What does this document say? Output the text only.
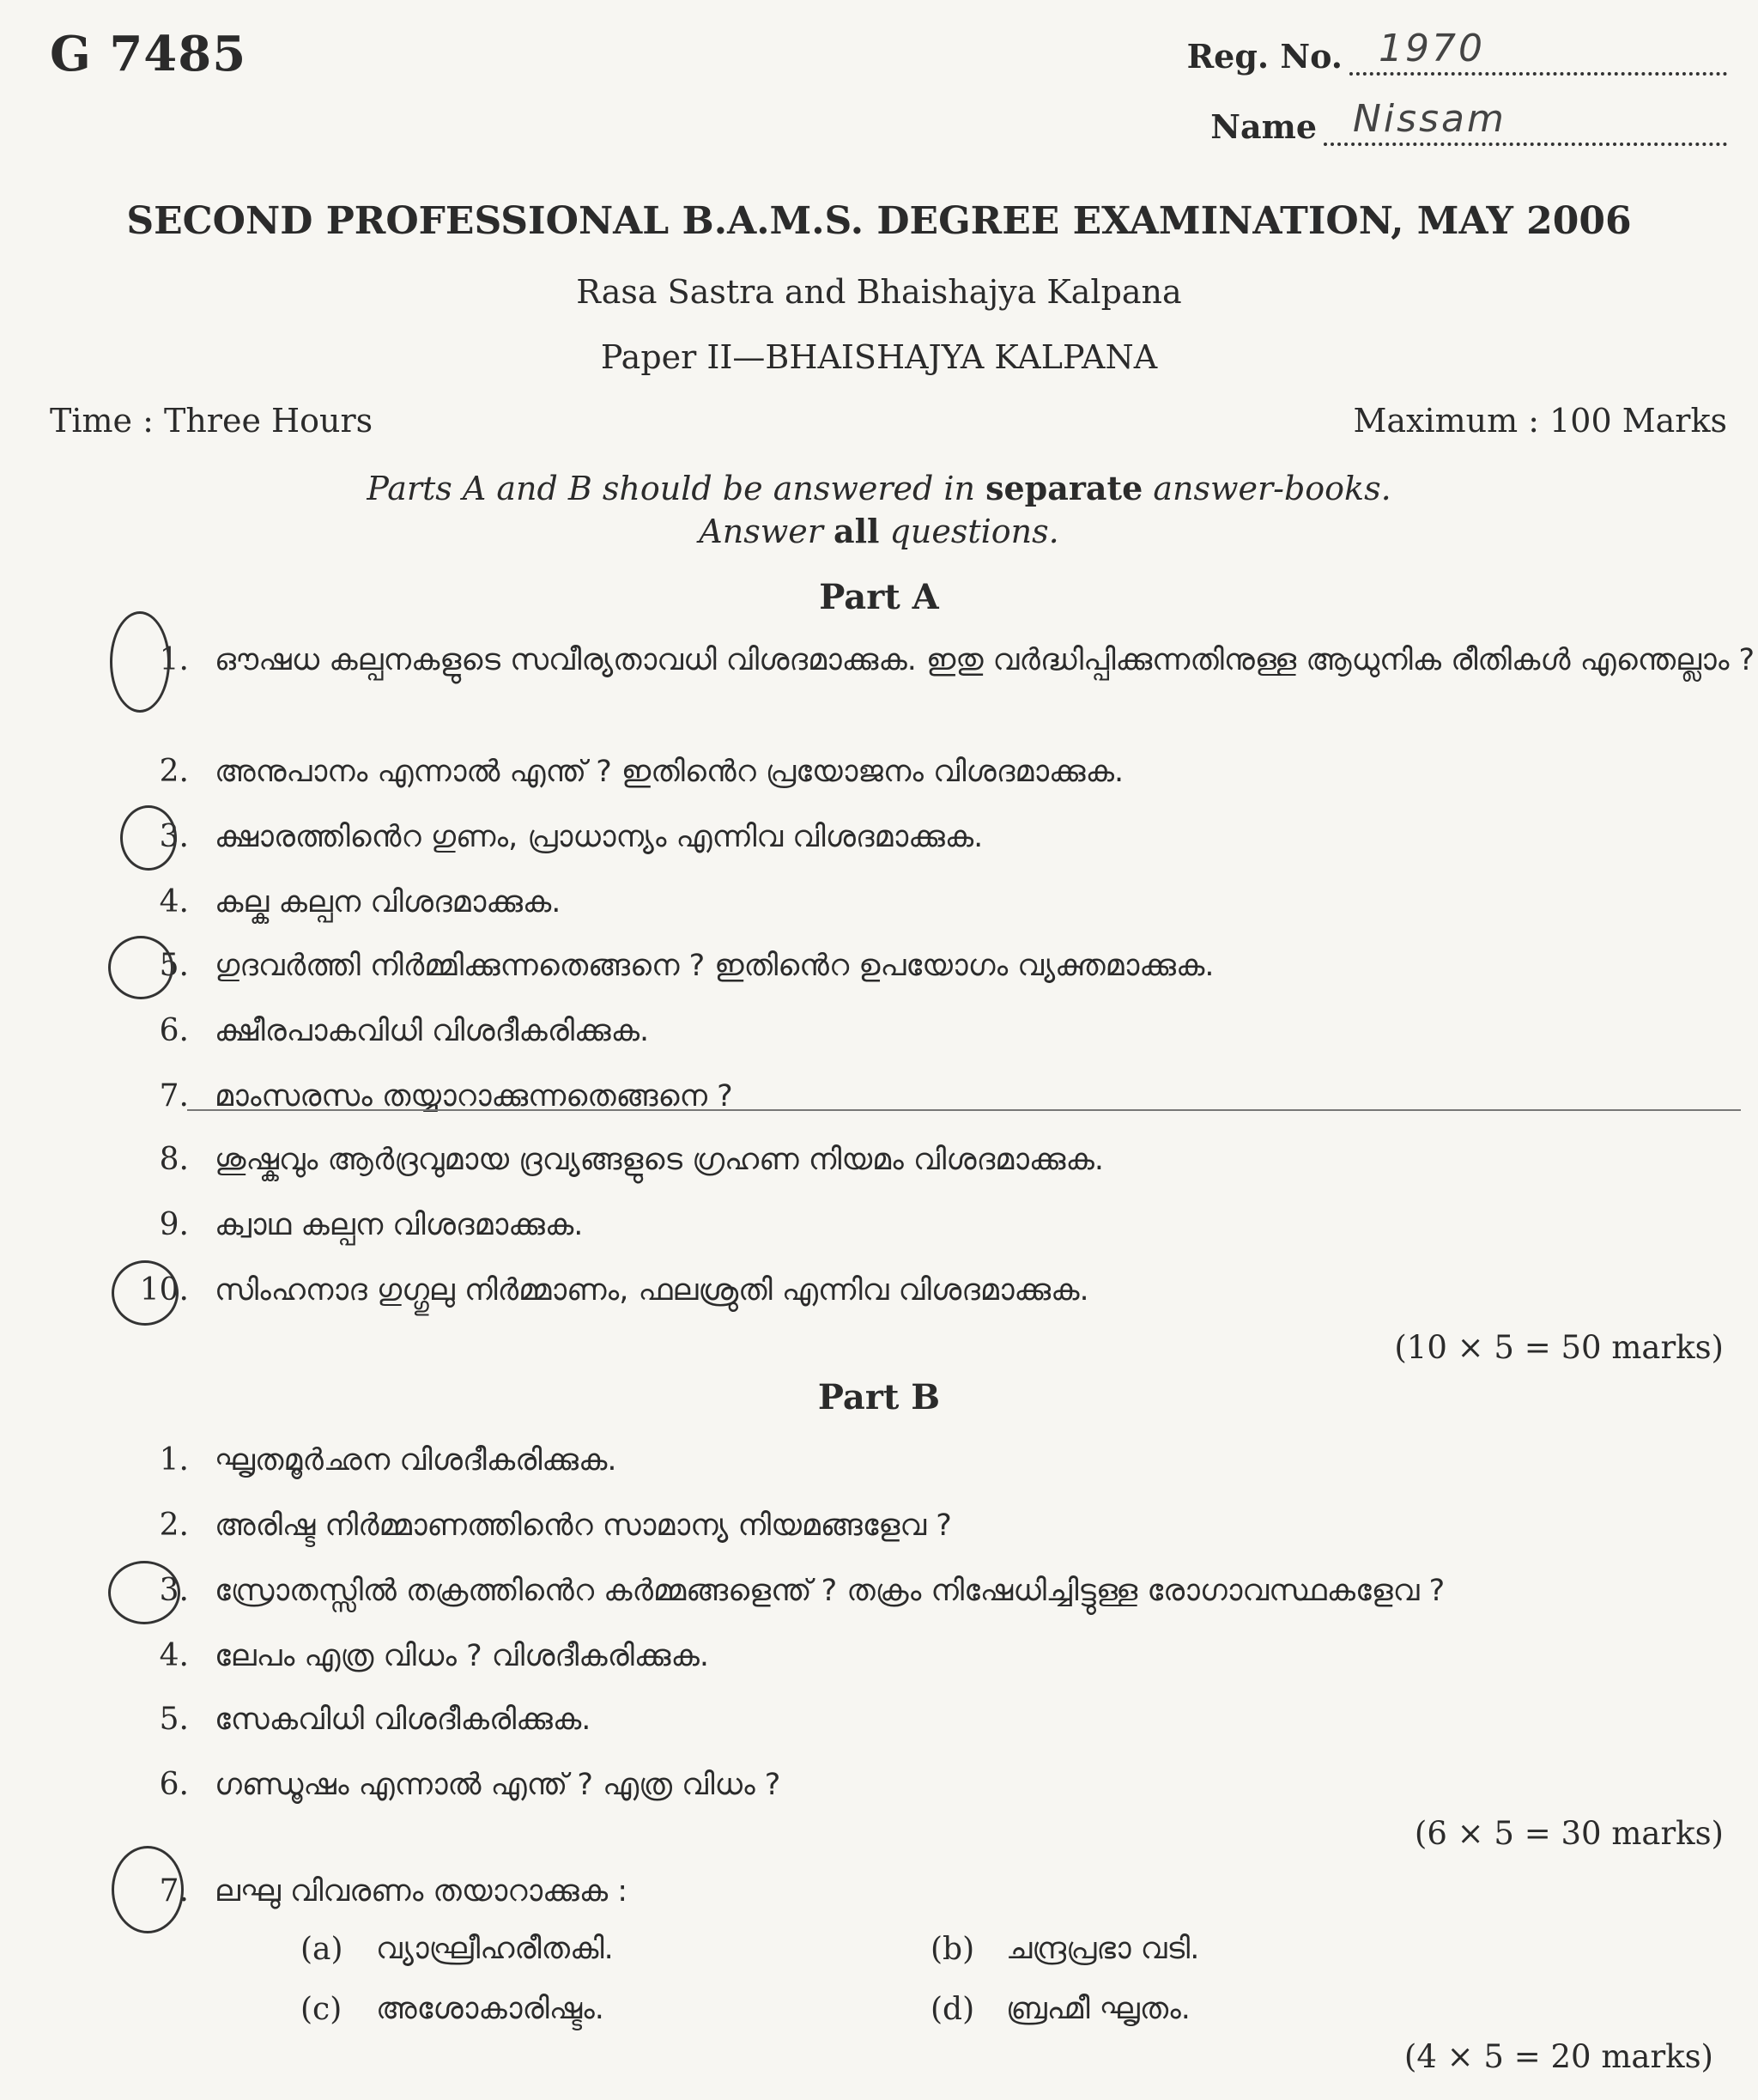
G 7485	Reg. No. 1970
Name Nissam
SECOND PROFESSIONAL B.A.M.S. DEGREE EXAMINATION, MAY 2006
Rasa Sastra and Bhaishajya Kalpana
Paper II—BHAISHAJYA KALPANA
Time : Three Hours	Maximum : 100 Marks
Parts A and B should be answered in separate answer-books.
Answer all questions.
Part A
1. ഔഷധ കല്പനകളുടെ സവീര്യതാവധി വിശദമാക്കുക. ഇതു വർദ്ധിപ്പിക്കുന്നതിനുള്ള ആധുനിക രീതികൾ എന്തെല്ലാം ?
2. അനുപാനം എന്നാൽ എന്ത് ? ഇതിൻെറ പ്രയോജനം വിശദമാക്കുക.
3. ക്ഷാരത്തിൻെറ ഗുണം, പ്രാധാന്യം എന്നിവ വിശദമാക്കുക.
4. കല്ക കല്പന വിശദമാക്കുക.
5. ഗുദവർത്തി നിർമ്മിക്കുന്നതെങ്ങനെ ? ഇതിൻെറ ഉപയോഗം വ്യക്തമാക്കുക.
6. ക്ഷീരപാകവിധി വിശദീകരിക്കുക.
7. മാംസരസം തയ്യാറാക്കുന്നതെങ്ങനെ ?
8. ശുഷ്കവും ആർദ്രവുമായ ദ്രവ്യങ്ങളുടെ ഗ്രഹണ നിയമം വിശദമാക്കുക.
9. ക്വാഥ കല്പന വിശദമാക്കുക.
10. സിംഹനാദ ഗുഗ്ഗുലു നിർമ്മാണം, ഫലശ്രുതി എന്നിവ വിശദമാക്കുക.
(10 × 5 = 50 marks)
Part B
1. ഘൃതമൂർഛന വിശദീകരിക്കുക.
2. അരിഷ്ട നിർമ്മാണത്തിൻെറ സാമാന്യ നിയമങ്ങളേവ ?
3. സ്രോതസ്സിൽ തക്രത്തിൻെറ കർമ്മങ്ങളെന്ത് ? തക്രം നിഷേധിച്ചിട്ടുള്ള രോഗാവസ്ഥകളേവ ?
4. ലേപം എത്ര വിധം ? വിശദീകരിക്കുക.
5. സേകവിധി വിശദീകരിക്കുക.
6. ഗണ്ഡൂഷം എന്നാൽ എന്ത് ? എത്ര വിധം ?
(6 × 5 = 30 marks)
7. ലഘു വിവരണം തയാറാക്കുക :
(a)	വ്യാഘ്രീഹരീതകി.	(b)	ചന്ദ്രപ്രഭാ വടി.
(c)	അശോകാരിഷ്ടം.	(d)	ബ്രഹ്മീ ഘൃതം.
(4 × 5 = 20 marks)
